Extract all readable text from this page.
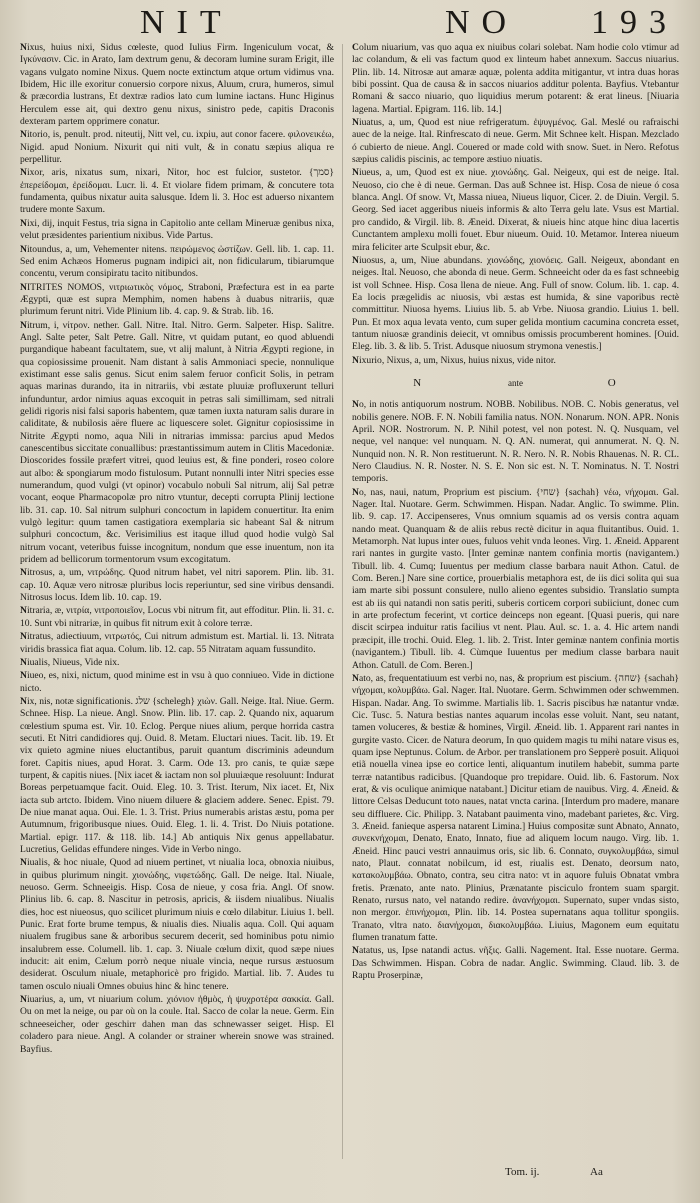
NIT	NO 193

Nixus, huius nixi, Sidus cœleste, quod Iulius Firm. Ingeniculum vocat, & Ιγκύνασιν. Cic. in Arato, Iam dextrum genu, & decoram lumine suram Erigit, ille vagans vulgato nomine Nixus. Quem nocte extinctum atque ortum vidimus vna. Ibidem, Hic ille exoritur conuersio corpore nixus, Aluum, crura, humeros, simul & præcordia lustrans, Et dextræ radios lato cum lumine iactans. Hunc Higinus Herculem esse ait, qui dextro genu nixus, sinistro pede, capitis Draconis dexteram partem opprimere conatur.

Nitorio, is, penult. prod. niteutij, Nitt vel, cu. ixpiu, aut conor facere. φιλονεικέω, Nigid. apud Nonium. Nixurit qui niti vult, & in conatu sæpius aliqua re perpellitur.

Nixor, aris, nixatus sum, nixari, Nitor, hoc est fulcior, sustetor. {סמך} ἐπερείδομαι, ἐρείδομαι. Lucr. li. 4. Et violare fidem primam, & concutere tota fundamenta, quibus nixatur auita salusque. Idem li. 3. Hoc est aduerso nixantem trudere monte Saxum.

Nixi, dij, inquit Festus, tria signa in Capitolio ante cellam Mineruæ genibus nixa, velut præsidentes parientium nixibus. Vide Partus.

Nitoundus, a, um, Vehementer nitens. πειρώμενος ὠστίζων. Gell. lib. 1. cap. 11. Sed enim Achæos Homerus pugnam indipici ait, non fidicularum, tibiarumque concentu, verum consipiratu tacito nitibundos.

NITRITES NOMOS, νιτριωτικὸς νόμος, Straboni, Præfectura est in ea parte Ægypti, quæ est supra Memphim, nomen habens à duabus nitrariis, quæ plurimum ferunt nitri. Vide Plinium lib. 4. cap. 9. & Strab. lib. 16.

Nitrum, i, νίτρον. nether. Gall. Nitre. Ital. Nitro. Germ. Salpeter. Hisp. Salitre. Angl. Salte peter, Salt Petre. Gall. Nitre, vt quidam putant, eo quod abluendi purgandique habeant facultatem, sue, vt alij malunt, à Nitria Ægypti regione, in qua copiosissime prouenit. Nam distant à salis Ammoniaci specie, nonnulique existimant esse salis genus. Sicut enim salem feruor conficit Solis, in petram aquas marinas durando, ita in nitrariis, vbi æstate pluuiæ profluxerunt telluri infunduntur, ardor nimius aquas excoquit in petras sali simillimam, sed nitrali gelidi rigoris nisi falsi saporis habentem, quæ tamen iuxta naturam salis durare in caliditate, & nubilosis aëre fluere ac liquescere solet. Gignitur copiosissime in Nitrite Ægypti nomo, aqua Nili in nitrarias immissa: parcius apud Medos canescentibus siccitate conuallibus: præstantissimum autem in Clitis Macedoniæ. Dioscorides fossile præfert vitrei, quod leuius est, & fine ponderi, roseo colore aut albo: & spongiarum modo fistulosum. Putant nonnulli inter Nitri species esse numerandum, quod vulgi (vt opinor) vocabulo nobuli Sal nitrum, alij Sal petræ vocant, eoque Pharmacopolæ pro nitro vtuntur, decepti corrupta Plinij lectione lib. 31. cap. 10. Sal nitrum sulphuri concoctum in lapidem conuertitur. Ita enim vulgò legitur: quum tamen castigatiora exemplaria sic habeant Sal & nitrum sulphuri concoctum, &c. Verisimilius est itaque illud quod hodie vulgò Sal nitrum vocant, veteribus fuisse incognitum, nondum que esse inuentum, non ita pridem ad bellicorum tormentorum vsum excogitatum.

Nitrosus, a, um, νιτρώδης. Quod nitrum habet, vel nitri saporem. Plin. lib. 31. cap. 10. Aquæ vero nitrosæ pluribus locis reperiuntur, sed sine viribus densandi. Nitrosus locus. Idem lib. 10. cap. 19.

Nitraria, æ, νιτρία, νιτροποιεῖον, Locus vbi nitrum fit, aut effoditur. Plin. li. 31. c. 10. Sunt vbi nitrariæ, in quibus fit nitrum exit à colore terræ.

Nitratus, adiectiuum, νιτρωτός, Cui nitrum admistum est. Martial. li. 13. Nitrata viridis brassica fiat aqua. Colum. lib. 12. cap. 55 Nitratam aquam fussundito.

Niualis, Niueus, Vide nix.

Niueo, es, nixi, nictum, quod minime est in vsu à quo conniueo. Vide in dictione nicto.

Nix, nis, notæ significationis. שלג {schelegh} χιὼν. Gall. Neige. Ital. Niue. Germ. Schnee. Hisp. La nieue. Angl. Snow. Plin. lib. 17. cap. 2. Quando nix, aquarum cœlestium spuma est. Vir. 10. Eclog. Perque niues alium, perque horrida castra secuti. Et Nitri candidiores quj. Ouid. 8. Metam. Eluctari niues. Tacit. lib. 19. Et vix quieto agmine niues eluctantibus, paruit quantum discriminis adeundum foret. Capitis niues, apud Horat. 3. Carm. Ode 13. pro canis, te quiæ sæpe turpent, & capitis niues. [Nix iacet & iactam non sol pluuiæque resoluunt: Indurat Boreas perpetuamque facit. Ouid. Eleg. 10. 3. Trist. Iterum, Nix iacet. Et, Nix iacta sub artcto. Ibidem. Vino niuem diluere & glaciem addere. Senec. Epist. 79. De niue manat aqua. Oui. Ele. 1. 3. Trist. Prius numerabis aristas æstu, poma per Autumnum, frigoribusque niues. Ouid. Eleg. 1. li. 4. Trist. Do Niuis potatione. Martial. epigr. 117. & 118. lib. 14.] Ab antiquis Nix genus appellabatur. Lucretius, Gelidas effundere ninges. Vide in Verbo ningo.

Niualis, & hoc niuale, Quod ad niuem pertinet, vt niualia loca, obnoxia niuibus, in quibus plurimum ningit. χιονώδης, νιφετώδης. Gall. De neige. Ital. Niuale, neuoso. Germ. Schneeigis. Hisp. Cosa de nieue, y cosa fria. Angl. Of snow. Plinius lib. 6. cap. 8. Nascitur in petrosis, apricis, & iisdem niualibus. Niualis dies, hoc est niueosus, quo scilicet plurimum niuis e cœlo dilabitur. Liuius 1. bell. Punic. Erat forte brume tempus, & niualis dies. Niualis aqua. Coll. Qui aquam niualem frugibus sane & arboribus securem decerit, sed hominibus potu nimio insalubrem esse. Columell. lib. 1. cap. 3. Niuale cœlum dixit, quod sæpe niues inducit: ait enim, Cælum porrò neque niuale vincia, neque rursus æstuosum desiderat. Osculum niuale, metaphoricè pro frigido. Martial. lib. 7. Audes tu tamen osculo niuali Omnes obuius hinc & hinc tenere.

Niuarius, a, um, vt niuarium colum. χιόνιον ἠθμὸς, ἡ ψυχροτέρα σακκία. Gall. Ou on met la neige, ou par où on la coule. Ital. Sacco de colar la neue. Germ. Ein schneeseicher, oder geschirr dahen man das schnewasser seiget. Hisp. El coladero para nieue. Angl. A colander or strainer wherein snowe was strained. Bayfius.

Colum niuarium, vas quo aqua ex niuibus colari solebat. Nam hodie colo vtimur ad lac colandum, & eli vas factum quod ex linteum habet annexum. Saccus niuarius. Plin. lib. 14. Nitrosæ aut amaræ aquæ, polenta addita mitigantur, vt intra duas horas bibi possint. Qua de causa & in saccos niuarios additur polenta. Bayfius. Vtebantur Romani & sacco niuario, quo liquidius merum potarent: & erat lineus. [Niuaria lagena. Martial. Epigram. 116. lib. 14.]

Niuatus, a, um, Quod est niue refrigeratum. ἐψυγμένος. Gal. Meslé ou rafraischi auec de la neige. Ital. Rinfrescato di neue. Germ. Mit Schnee kelt. Hispan. Mezclado ó cubierto de nieue. Angl. Couered or made cold with snow. Suet. in Nero. Refotus sæpius calidis piscinis, ac tempore æstiuo niuatis.

Niueus, a, um, Quod est ex niue. χιονώδης. Gal. Neigeux, qui est de neige. Ital. Neuoso, cio che è di neue. German. Das auß Schnee ist. Hisp. Cosa de nieue ó cosa blanca. Angl. Of snow. Vt, Massa niuea, Niueus liquor, Cicer. 2. de Diuin. Vergil. 5. Georg. Sed iacet aggeribus niueis informis & alto Terra gelu late. Vsus est Martial. pro candido, & Virgil. lib. 8. Æneid. Dixerat, & niueis hinc atque hinc diua lacertis Cunctantem amplexu molli fouet. Ebur niueum. Ouid. 10. Metamor. Interea niueum mira feliciter arte Sculpsit ebur, &c.

Niuosus, a, um, Niue abundans. χιονώδης, χιονόεις. Gall. Neigeux, abondant en neiges. Ital. Neuoso, che abonda di neue. Germ. Schneeicht oder da es fast schneebig ist voll Schnee. Hisp. Cosa llena de nieue. Ang. Full of snow. Colum. lib. 1. cap. 4. Ea locis prægelidis ac niuosis, vbi æstas est humida, & sine vaporibus rectè committitur. Niuosa hyems. Liuius lib. 5. ab Vrbe. Niuosa grandio. Liuius 1. bell. Pun. Et mox aqua levata vento, cum super gelida montium cacumina concreta esset, tantum niuosæ grandinis deiecit, vt omnibus omissis procumberent homines. [Ouid. Eleg. lib. 3. & lib. 5. Trist. Adusque niuosum strymona venestis.]

Nixurio, Nixus, a, um, Nixus, huius nixus, vide nitor.

N	ante	O

No, in notis antiquorum nostrum. NOBB. Nobilibus. NOB. C. Nobis generatus, vel nobilis genere. NOB. F. N. Nobili familia natus. NON. Nonarum. NON. APR. Nonis April. NOR. Nostrorum. N. P. Nihil potest, vel non potest. N. Q. Nusquam, vel neque, vel nanque: vel nunquam. N. Q. AN. numerat, qui annumerat. N. Q. N. Nunquid non. N. R. Non restituerunt. N. R. Nero. N. R. Nobis Rhauenas. N. R. CL. Nero Claudius. N. R. Noster. N. S. E. Non sic est. N. T. Nominatus. N. T. Nostri temporis.

No, nas, naui, natum, Proprium est piscium. {שחי} {sachah} νέω, νήχομαι. Gal. Nager. Ital. Nuotare. Germ. Schwimmen. Hispan. Nadar. Anglic. To swimme. Plin. lib. 9. cap. 17. Accipenseres, Vnus omnium squamis ad os versis contra aquam nando meat. Quanquam & de aliis rebus rectè dicitur in aqua fluitantibus. Ouid. 1. Metamorph. Nat lupus inter oues, fuluos vehit vnda leones. Virg. 1. Æneid. Apparent rari nantes in gurgite vasto. [Inter geminæ nantem confinia mortis (navigantem.) Tibull. lib. 4. Cumq; Iuuentus per medium classe barbara nauit Athon. Catul. de Com. Beren.] Nare sine cortice, prouerbialis metaphora est, de iis dici solita qui sua iam marte sibi possunt consulere, nullo alieno egentes subsidio. Translatio sumpta est ab iis qui natandi non satis periti, suberis corticem corpori subiiciunt, donec cum in arte profectum fecerint, vt cortice deinceps non egeant. [Quasi pueris, qui nare discit scirpea induitur ratis facilius vt nent. Plau. Aul. sc. 1. a. 4. Hic artem nandi præcipit, ille trochi. Ouid. Eleg. 1. lib. 2. Trist. Inter geminæ nantem confinia mortis (navigantem.) Tibull. lib. 4. Cùmque Iuuentus per medium classe barbara nauit Athon. Catull. de Com. Beren.]

Nato, as, frequentatiuum est verbi no, nas, & proprium est piscium. {שחה} {sachah} νήχομαι, κολυμβάω. Gal. Nager. Ital. Nuotare. Germ. Schwimmen oder schwemmen. Hispan. Nadar. Ang. To swimme. Martialis lib. 1. Sacris piscibus hæ natantur vndæ. Cic. Tusc. 5. Natura bestias nantes aquarum incolas esse voluit. Nant, seu natant, tamen voluceres, & bestiæ & homines, Virgil. Æneid. lib. 1. Apparent rari nantes in gurgite vasto. Cicer. de Natura deorum, In quo quidem magis tu mihi natare visus es, quam ipse Neptunus. Colum. de Arbor. per translationem pro Sepperè posuit. Aliquoi etiã nouella vinea ipse eo cortice lenti, aliquantum inutilem habebit, summa parte terræ natantibus radicibus. [Quandoque pro trepidare. Ouid. lib. 6. Fastorum. Nox erat, & vis oculique animique natabant.] Dicitur etiam de nauibus. Virg. 4. Æneid. & littore Celsas Deducunt toto naues, natat vncta carina. [Interdum pro madere, manare seu diffluere. Cic. Philipp. 3. Natabant pauimenta vino, madebant parietes, &c. Virg. 3. Æneid. fanieque aspersa natarent Limina.] Huius compositæ sunt Abnato, Annato, συνεκνήχομαι, Denato, Enato, Innato, fiue ad aliquem locum naugo. Virg. lib. 1. Æneid. Hinc pauci vestri annauimus oris, sic lib. 6. Connato, συγκολυμβάω, simul nato, Plaut. connatat nobilcum, id est, riualis est. Denato, deorsum nato, κατακολυμβάω. Obnato, contra, seu citra nato: vt in aquore fuluis Obnatat vmbra fretis. Prænato, ante nato. Plinius, Prænatante pisciculo frontem suam spargit. Renato, rursus nato, vel natando redire. ἀνανήχομαι. Supernato, super vndas sisto, non mergor. ἐπινήχομαι, Plin. lib. 14. Postea supernatans aqua tollitur spongiis. Tranato, vltra nato. διανήχομαι, διακολυμβάω. Liuius, Magonem eum equitatu flumen tranatum fatte.

Natatus, us, Ipse natandi actus. νῆξις. Galli. Nagement. Ital. Esse nuotare. Germa. Das Schwimmen. Hispan. Cobra de nadar. Anglic. Swimming. Claud. lib. 3. de Raptu Proserpinæ,

Tom. ij.	Aa
